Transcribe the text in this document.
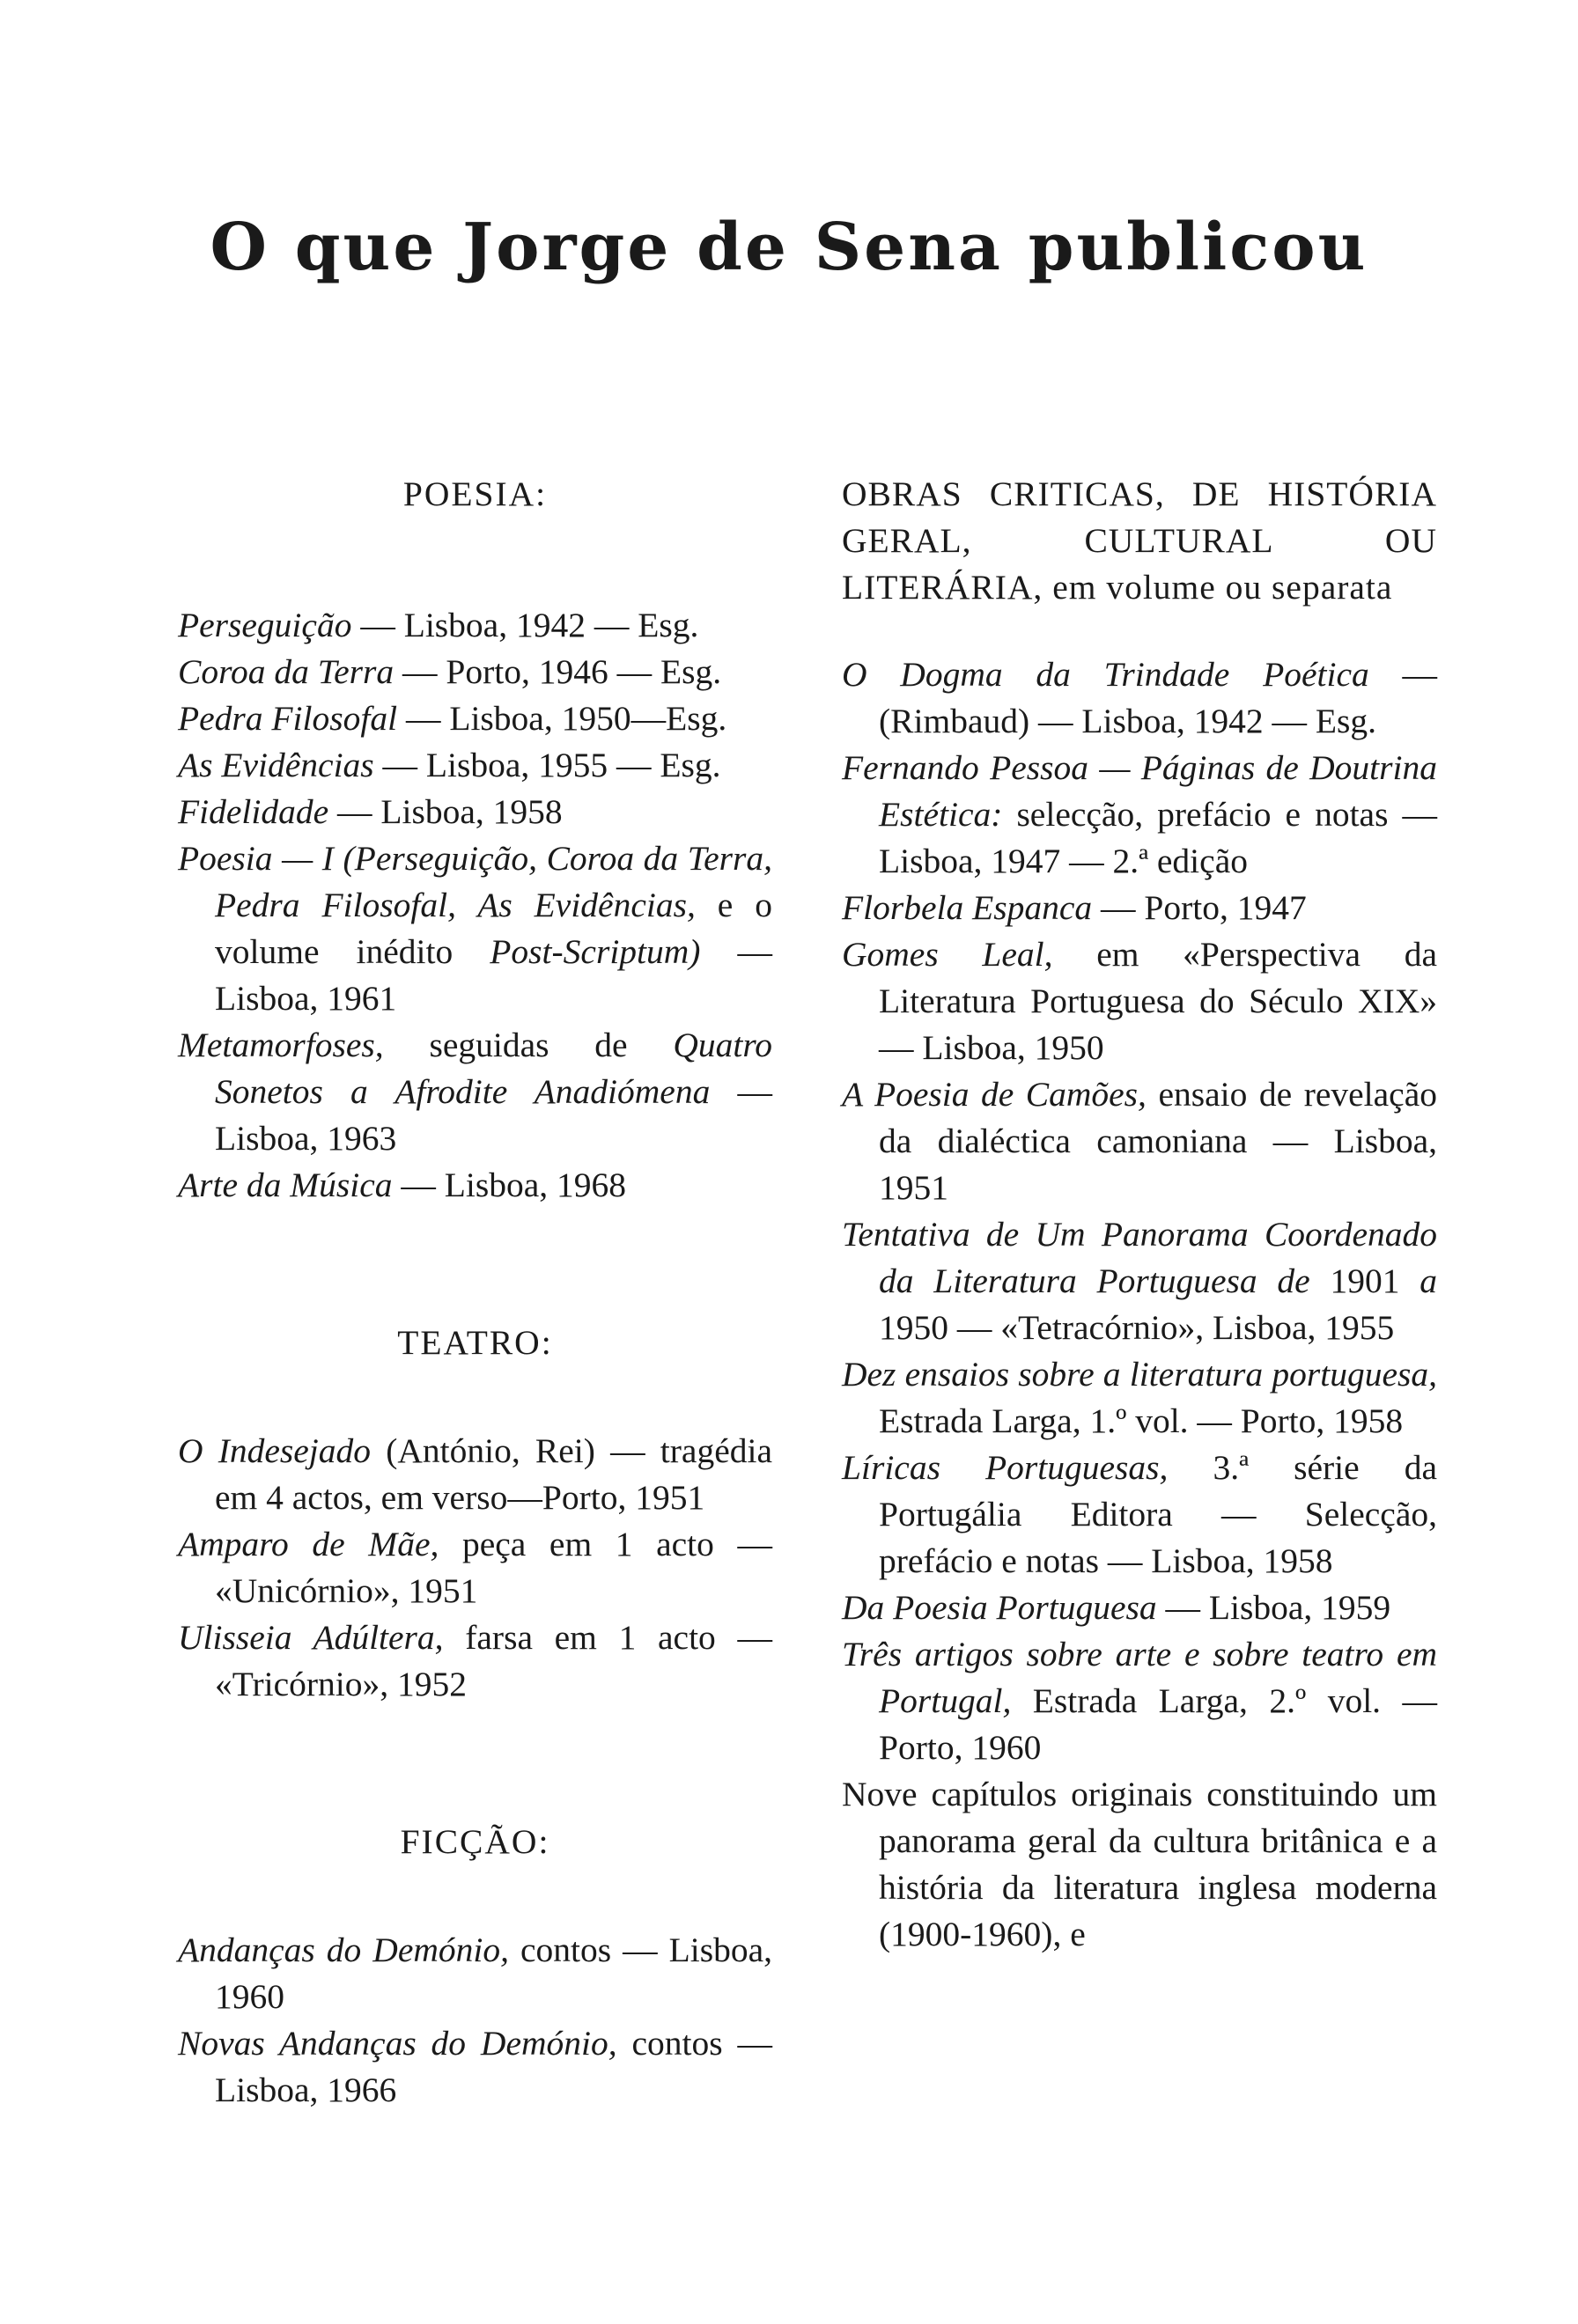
O que Jorge de Sena publicou
POESIA:

Perseguição — Lisboa, 1942 — Esg.

Coroa da Terra — Porto, 1946 — Esg.

Pedra Filosofal — Lisboa, 1950—Esg.

As Evidências — Lisboa, 1955 — Esg.

Fidelidade — Lisboa, 1958

Poesia — I (Perseguição, Coroa da Terra, Pedra Filosofal, As Evidências, e o volume inédito Post-Scriptum) — Lisboa, 1961

Metamorfoses, seguidas de Quatro Sonetos a Afrodite Anadiómena — Lisboa, 1963

Arte da Música — Lisboa, 1968

TEATRO:

O Indesejado (António, Rei) — tragédia em 4 actos, em verso—Porto, 1951

Amparo de Mãe, peça em 1 acto — «Unicórnio», 1951

Ulisseia Adúltera, farsa em 1 acto — «Tricórnio», 1952

FICÇÃO:

Andanças do Demónio, contos — Lisboa, 1960

Novas Andanças do Demónio, contos — Lisboa, 1966

OBRAS CRITICAS, DE HISTÓRIA GERAL, CULTURAL OU LITERÁRIA, em volume ou separata

O Dogma da Trindade Poética — (Rimbaud) — Lisboa, 1942 — Esg.

Fernando Pessoa — Páginas de Doutrina Estética: selecção, prefácio e notas — Lisboa, 1947 — 2.ª edição

Florbela Espanca — Porto, 1947

Gomes Leal, em «Perspectiva da Literatura Portuguesa do Século XIX» — Lisboa, 1950

A Poesia de Camões, ensaio de revelação da dialéctica camoniana — Lisboa, 1951

Tentativa de Um Panorama Coordenado da Literatura Portuguesa de 1901 a 1950 — «Tetracórnio», Lisboa, 1955

Dez ensaios sobre a literatura portuguesa, Estrada Larga, 1.º vol. — Porto, 1958

Líricas Portuguesas, 3.ª série da Portugália Editora — Selecção, prefácio e notas — Lisboa, 1958

Da Poesia Portuguesa — Lisboa, 1959

Três artigos sobre arte e sobre teatro em Portugal, Estrada Larga, 2.º vol. — Porto, 1960

Nove capítulos originais constituindo um panorama geral da cultura britânica e a história da literatura inglesa moderna (1900-1960), e
